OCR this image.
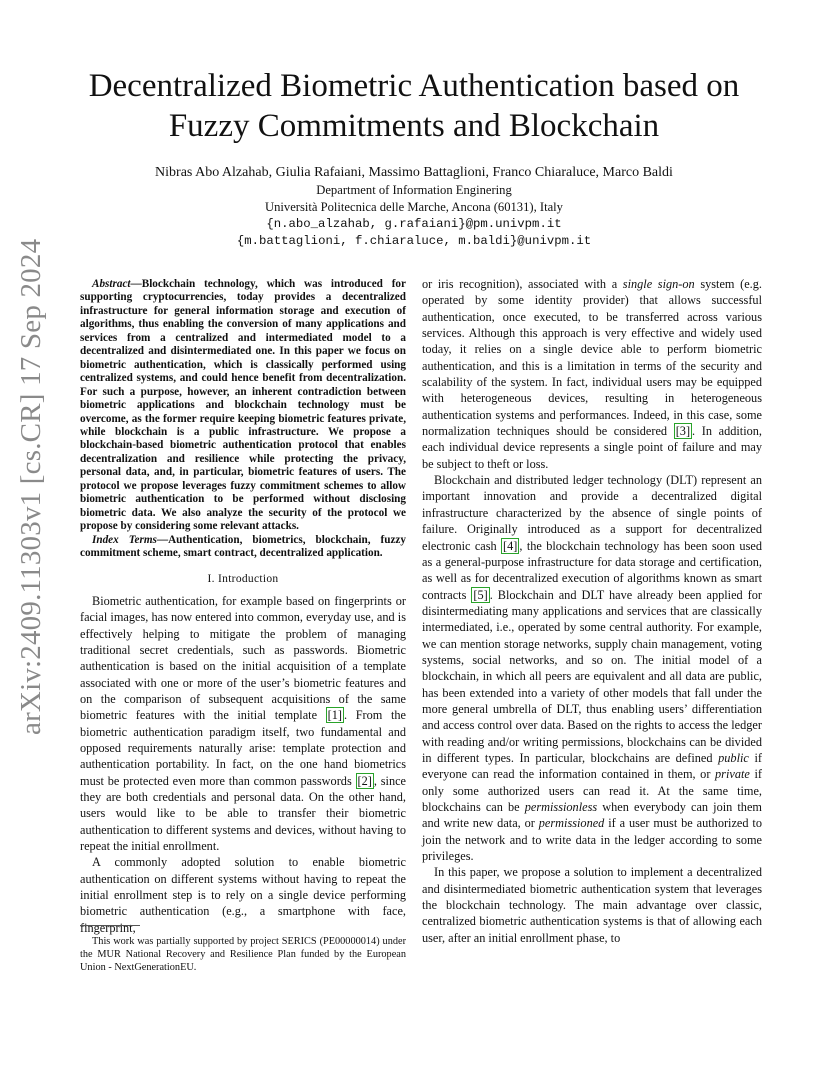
Decentralized Biometric Authentication based on
Fuzzy Commitments and Blockchain
Nibras Abo Alzahab, Giulia Rafaiani, Massimo Battaglioni, Franco Chiaraluce, Marco Baldi
Department of Information Enginering
Università Politecnica delle Marche, Ancona (60131), Italy
{n.abo_alzahab, g.rafaiani}@pm.univpm.it
{m.battaglioni, f.chiaraluce, m.baldi}@univpm.it
arXiv:2409.11303v1 [cs.CR] 17 Sep 2024	Abstract—Blockchain technology, which was introduced for supporting cryptocurrencies, today provides a decentralized infrastructure for general information storage and execution of algorithms, thus enabling the conversion of many applications and services from a centralized and intermediated model to a decentralized and disintermediated one. In this paper we focus on biometric authentication, which is classically performed using centralized systems, and could hence benefit from decentralization. For such a purpose, however, an inherent contradiction between biometric applications and blockchain technology must be overcome, as the former require keeping biometric features private, while blockchain is a public infrastructure. We propose a blockchain-based biometric authentication protocol that enables decentralization and resilience while protecting the privacy, personal data, and, in particular, biometric features of users. The protocol we propose leverages fuzzy commitment schemes to allow biometric authentication to be performed without disclosing biometric data. We also analyze the security of the protocol we propose by considering some relevant attacks.

Index Terms—Authentication, biometrics, blockchain, fuzzy commitment scheme, smart contract, decentralized application.

I. Introduction

Biometric authentication, for example based on fingerprints or facial images, has now entered into common, everyday use, and is effectively helping to mitigate the problem of managing traditional secret credentials, such as passwords. Biometric authentication is based on the initial acquisition of a template associated with one or more of the user’s biometric features and on the comparison of subsequent acquisitions of the same biometric features with the initial template [1] . From the biometric authentication paradigm itself, two fundamental and opposed requirements naturally arise: template protection and authentication portability. In fact, on the one hand biometrics must be protected even more than common passwords [2] , since they are both credentials and personal data. On the other hand, users would like to be able to transfer their biometric authentication to different systems and devices, without having to repeat the initial enrollment.

A commonly adopted solution to enable biometric authentication on different systems without having to repeat the initial enrollment step is to rely on a single device performing biometric authentication (e.g., a smartphone with face, fingerprint,

This work was partially supported by project SERICS (PE00000014) under the MUR National Recovery and Resilience Plan funded by the European Union - NextGenerationEU.

or iris recognition), associated with a single sign-on system (e.g. operated by some identity provider) that allows successful authentication, once executed, to be transferred across various services. Although this approach is very effective and widely used today, it relies on a single device able to perform biometric authentication, and this is a limitation in terms of the security and scalability of the system. In fact, individual users may be equipped with heterogeneous devices, resulting in heterogeneous authentication systems and performances. Indeed, in this case, some normalization techniques should be considered [3] . In addition, each individual device represents a single point of failure and may be subject to theft or loss.

Blockchain and distributed ledger technology (DLT) represent an important innovation and provide a decentralized digital infrastructure characterized by the absence of single points of failure. Originally introduced as a support for decentralized electronic cash [4] , the blockchain technology has been soon used as a general-purpose infrastructure for data storage and certification, as well as for decentralized execution of algorithms known as smart contracts [5] . Blockchain and DLT have already been applied for disintermediating many applications and services that are classically intermediated, i.e., operated by some central authority. For example, we can mention storage networks, supply chain management, voting systems, social networks, and so on. The initial model of a blockchain, in which all peers are equivalent and all data are public, has been extended into a variety of other models that fall under the more general umbrella of DLT, thus enabling users’ differentiation and access control over data. Based on the rights to access the ledger with reading and/or writing permissions, blockchains can be divided in different types. In particular, blockchains are defined public if everyone can read the information contained in them, or private if only some authorized users can read it. At the same time, blockchains can be permissionless when everybody can join them and write new data, or permissioned if a user must be authorized to join the network and to write data in the ledger according to some privileges.

In this paper, we propose a solution to implement a decentralized and disintermediated biometric authentication system that leverages the blockchain technology. The main advantage over classic, centralized biometric authentication systems is that of allowing each user, after an initial enrollment phase, to
